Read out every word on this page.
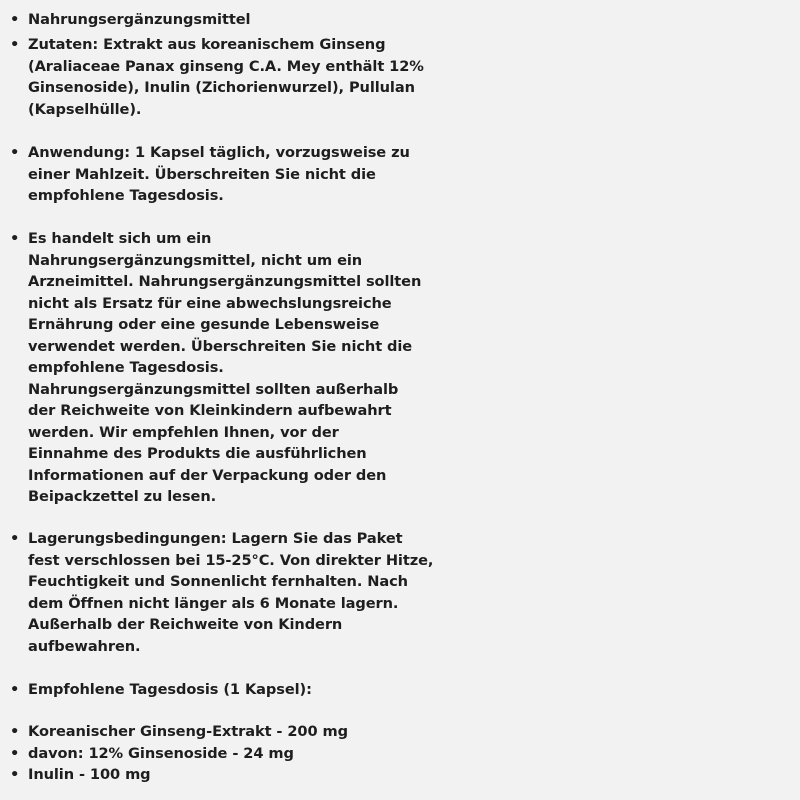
• Nahrungsergänzungsmittel
• Zutaten: Extrakt aus koreanischem Ginseng
(Araliaceae Panax ginseng C.A. Mey enthält 12%
Ginsenoside), Inulin (Zichorienwurzel), Pullulan
(Kapselhülle).
• Anwendung: 1 Kapsel täglich, vorzugsweise zu
einer Mahlzeit. Überschreiten Sie nicht die
empfohlene Tagesdosis.
• Es handelt sich um ein
Nahrungsergänzungsmittel, nicht um ein
Arzneimittel. Nahrungsergänzungsmittel sollten
nicht als Ersatz für eine abwechslungsreiche
Ernährung oder eine gesunde Lebensweise
verwendet werden. Überschreiten Sie nicht die
empfohlene Tagesdosis.
Nahrungsergänzungsmittel sollten außerhalb
der Reichweite von Kleinkindern aufbewahrt
werden. Wir empfehlen Ihnen, vor der
Einnahme des Produkts die ausführlichen
Informationen auf der Verpackung oder den
Beipackzettel zu lesen.
• Lagerungsbedingungen: Lagern Sie das Paket
fest verschlossen bei 15-25°C. Von direkter Hitze,
Feuchtigkeit und Sonnenlicht fernhalten. Nach
dem Öffnen nicht länger als 6 Monate lagern.
Außerhalb der Reichweite von Kindern
aufbewahren.
• Empfohlene Tagesdosis (1 Kapsel):
• Koreanischer Ginseng-Extrakt - 200 mg
• davon: 12% Ginsenoside - 24 mg
• Inulin - 100 mg
